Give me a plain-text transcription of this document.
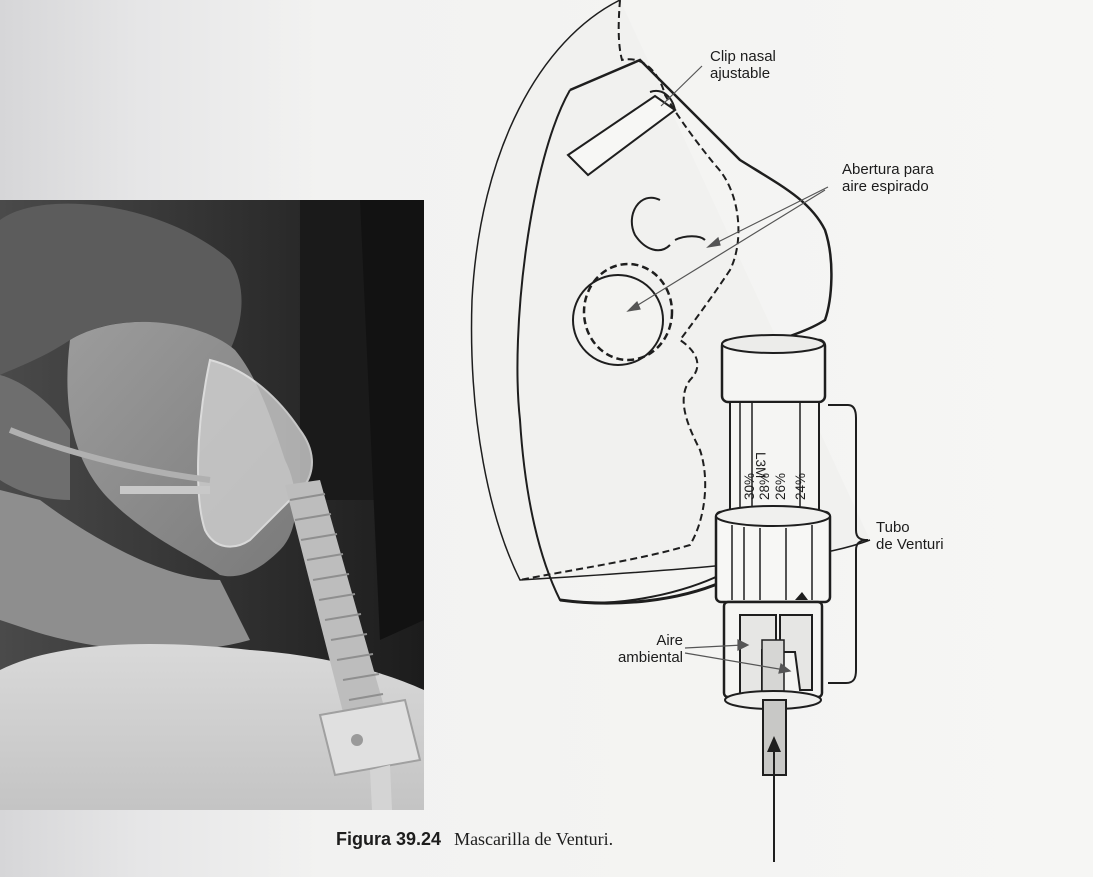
L3M
30% 28% 26% 24%
Clip nasal
ajustable
Abertura para
aire espirado
Tubo
de Venturi
Aire
ambiental
Figura 39.24 Mascarilla de Venturi.
